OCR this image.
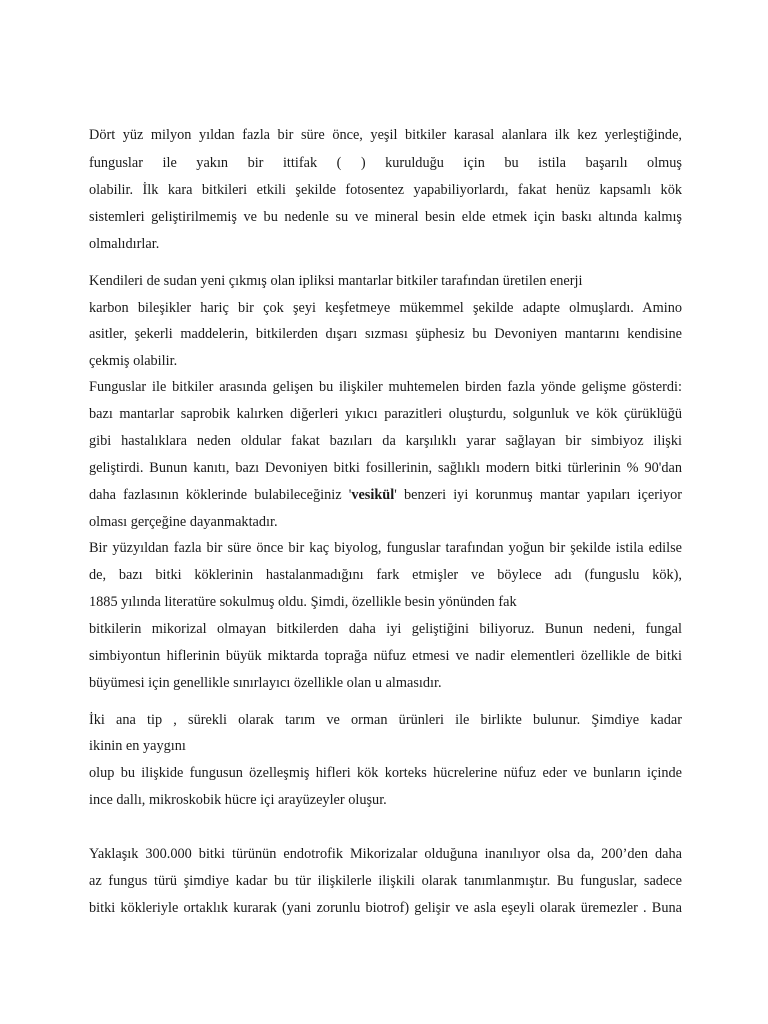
Dört yüz milyon yıldan fazla bir süre önce, yeşil bitkiler karasal alanlara ilk kez yerleştiğinde,
funguslar ile yakın bir ittifak ( ) kurulduğu için bu istila başarılı olmuş
olabilir. İlk kara bitkileri etkili şekilde fotosentez yapabiliyorlardı, fakat henüz kapsamlı kök
sistemleri geliştirilmemiş ve bu nedenle su ve mineral besin elde etmek için baskı altında kalmış
olmalıdırlar.
Kendileri de sudan yeni çıkmış olan ipliksi mantarlar bitkiler tarafından üretilen enerji
karbon bileşikler hariç bir çok şeyi keşfetmeye mükemmel şekilde adapte olmuşlardı. Amino
asitler, şekerli maddelerin, bitkilerden dışarı sızması şüphesiz bu Devoniyen mantarını kendisine
çekmiş olabilir.
Funguslar ile bitkiler arasında gelişen bu ilişkiler muhtemelen birden fazla yönde gelişme gösterdi:
bazı mantarlar saprobik kalırken diğerleri yıkıcı parazitleri oluşturdu, solgunluk ve kök çürüklüğü
gibi hastalıklara neden oldular fakat bazıları da karşılıklı yarar sağlayan bir simbiyoz ilişki
geliştirdi. Bunun kanıtı, bazı Devoniyen bitki fosillerinin, sağlıklı modern bitki türlerinin % 90'dan
daha fazlasının köklerinde bulabileceğiniz 'vesikül' benzeri iyi korunmuş mantar yapıları içeriyor
olması gerçeğine dayanmaktadır.
Bir yüzyıldan fazla bir süre önce bir kaç biyolog, funguslar tarafından yoğun bir şekilde istila edilse
de, bazı bitki köklerinin hastalanmadığını fark etmişler ve böylece adı (funguslu kök),
1885 yılında literatüre sokulmuş oldu. Şimdi, özellikle besin yönünden fak
bitkilerin mikorizal olmayan bitkilerden daha iyi geliştiğini biliyoruz. Bunun nedeni, fungal
simbiyontun hiflerinin büyük miktarda toprağa nüfuz etmesi ve nadir elementleri özellikle de bitki
büyümesi için genellikle sınırlayıcı özellikle olan u almasıdır.
İki ana tip , sürekli olarak tarım ve orman ürünleri ile birlikte bulunur. Şimdiye kadar
ikinin en yaygını
olup bu ilişkide fungusun özelleşmiş hifleri kök korteks hücrelerine nüfuz eder ve bunların içinde
ince dallı, mikroskobik hücre içi arayüzeyler oluşur.
Yaklaşık 300.000 bitki türünün endotrofik Mikorizalar olduğuna inanılıyor olsa da, 200’den daha
az fungus türü şimdiye kadar bu tür ilişkilerle ilişkili olarak tanımlanmıştır. Bu funguslar, sadece
bitki kökleriyle ortaklık kurarak (yani zorunlu biotrof) gelişir ve asla eşeyli olarak üremezler . Buna
